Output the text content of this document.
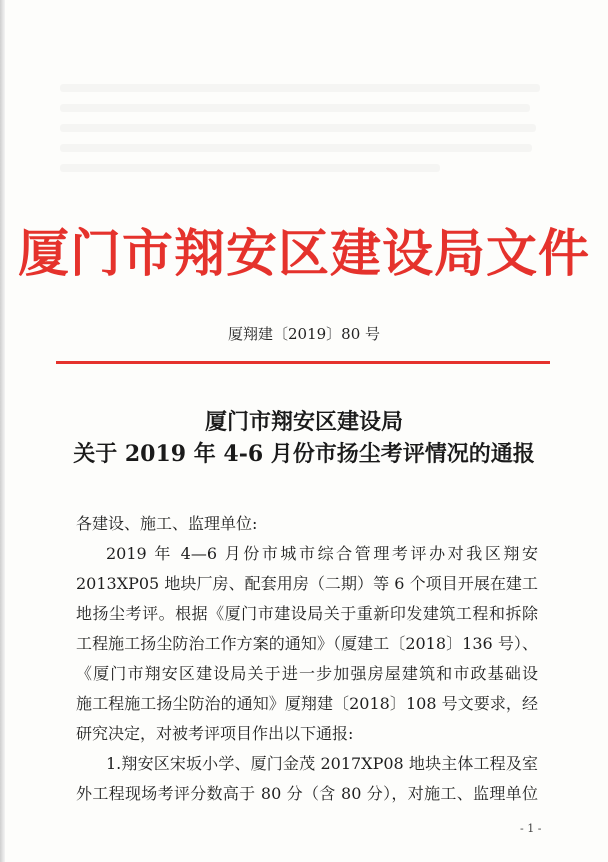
厦门市翔安区建设局文件
厦翔建〔2019〕80 号
厦门市翔安区建设局
关于 2019 年 4-6 月份市扬尘考评情况的通报
各建设、施工、监理单位:
2019 年 4—6 月份市城市综合管理考评办对我区翔安
2013XP05 地块厂房、配套用房（二期）等 6 个项目开展在建工
地扬尘考评。根据《厦门市建设局关于重新印发建筑工程和拆除
工程施工扬尘防治工作方案的通知》（厦建工〔2018〕136 号）、
《厦门市翔安区建设局关于进一步加强房屋建筑和市政基础设
施工程施工扬尘防治的通知》厦翔建〔2018〕108 号文要求，经
研究决定，对被考评项目作出以下通报:
1.翔安区宋坂小学、厦门金茂 2017XP08 地块主体工程及室
外工程现场考评分数高于 80 分（含 80 分），对施工、监理单位
- 1 -
